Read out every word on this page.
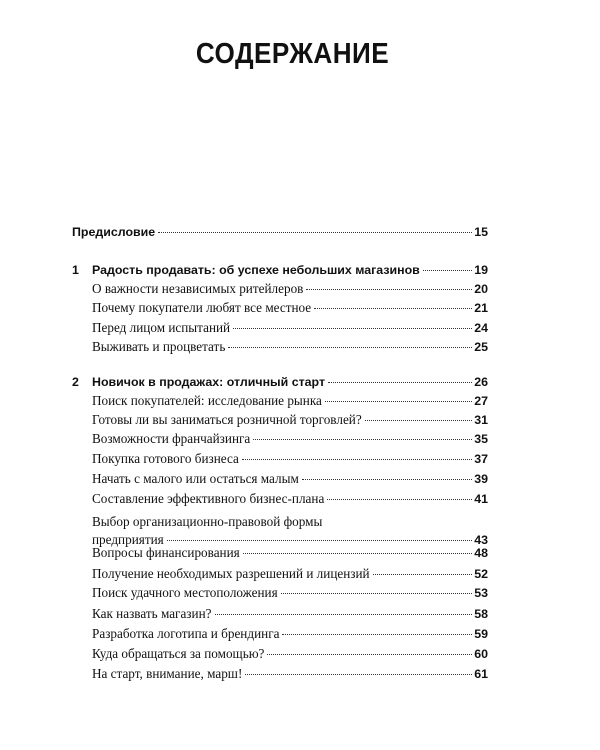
СОДЕРЖАНИЕ
Предисловие	15
1 Радость продавать: об успехе небольших магазинов	19
О важности независимых ритейлеров	20
Почему покупатели любят все местное	21
Перед лицом испытаний	24
Выживать и процветать	25
2 Новичок в продажах: отличный старт	26
Поиск покупателей: исследование рынка	27
Готовы ли вы заниматься розничной торговлей?	31
Возможности франчайзинга	35
Покупка готового бизнеса	37
Начать с малого или остаться малым	39
Составление эффективного бизнес-плана	41
Выбор организационно-правовой формы
предприятия	43
Вопросы финансирования	48
Получение необходимых разрешений и лицензий	52
Поиск удачного местоположения	53
Как назвать магазин?	58
Разработка логотипа и брендинга	59
Куда обращаться за помощью?	60
На старт, внимание, марш!	61
